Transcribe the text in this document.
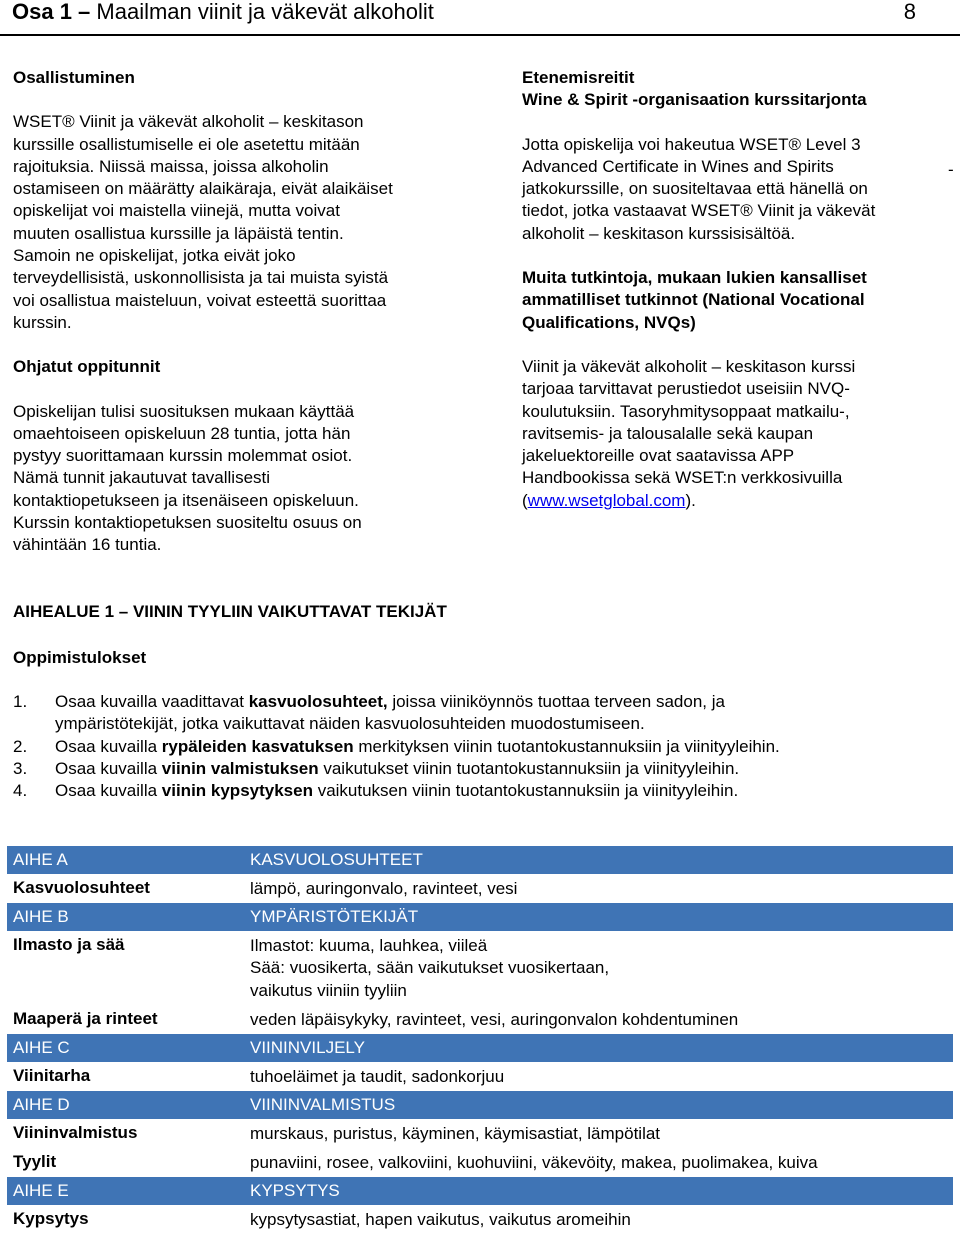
Osa 1 – Maailman viinit ja väkevät alkoholit	8

Osallistuminen

WSET® Viinit ja väkevät alkoholit – keskitason

kurssille osallistumiselle ei ole asetettu mitään

rajoituksia. Niissä maissa, joissa alkoholin

ostamiseen on määrätty alaikäraja, eivät alaikäiset

opiskelijat voi maistella viinejä, mutta voivat

muuten osallistua kurssille ja läpäistä tentin.

Samoin ne opiskelijat, jotka eivät joko

terveydellisistä, uskonnollisista ja tai muista syistä

voi osallistua maisteluun, voivat esteettä suorittaa

kurssin.

Ohjatut oppitunnit

Opiskelijan tulisi suosituksen mukaan käyttää

omaehtoiseen opiskeluun 28 tuntia, jotta hän

pystyy suorittamaan kurssin molemmat osiot.

Nämä tunnit jakautuvat tavallisesti

kontaktiopetukseen ja itsenäiseen opiskeluun.

Kurssin kontaktiopetuksen suositeltu osuus on

vähintään 16 tuntia.

Etenemisreitit

Wine & Spirit -organisaation kurssitarjonta

Jotta opiskelija voi hakeutua WSET® Level 3

Advanced Certificate in Wines and Spirits

jatkokurssille, on suositeltavaa että hänellä on

tiedot, jotka vastaavat WSET® Viinit ja väkevät

alkoholit – keskitason kurssisisältöä.

Muita tutkintoja, mukaan lukien kansalliset

ammatilliset tutkinnot (National Vocational

Qualifications, NVQs)

Viinit ja väkevät alkoholit – keskitason kurssi

tarjoaa tarvittavat perustiedot useisiin NVQ-

koulutuksiin. Tasoryhmitysoppaat matkailu-,

ravitsemis- ja talousalalle sekä kaupan

jakeluektoreille ovat saatavissa APP

Handbookissa sekä WSET:n verkkosivuilla

(www.wsetglobal.com).

-
AIHEALUE 1 – VIININ TYYLIIN VAIKUTTAVAT TEKIJÄT
Oppimistulokset
1. Osaa kuvailla vaadittavat kasvuolosuhteet, joissa viiniköynnös tuottaa terveen sadon, ja
ympäristötekijät, jotka vaikuttavat näiden kasvuolosuhteiden muodostumiseen.
2. Osaa kuvailla rypäleiden kasvatuksen merkityksen viinin tuotantokustannuksiin ja viinityyleihin.
3. Osaa kuvailla viinin valmistuksen vaikutukset viinin tuotantokustannuksiin ja viinityyleihin.
4. Osaa kuvailla viinin kypsytyksen vaikutuksen viinin tuotantokustannuksiin ja viinityyleihin.
AIHE A	KASVUOLOSUHTEET
Kasvuolosuhteet	lämpö, auringonvalo, ravinteet, vesi
AIHE B	YMPÄRISTÖTEKIJÄT
Ilmasto ja sää	Ilmastot: kuuma, lauhkea, viileä
Sää: vuosikerta, sään vaikutukset vuosikertaan,
vaikutus viiniin tyyliin
Maaperä ja rinteet	veden läpäisykyky, ravinteet, vesi, auringonvalon kohdentuminen
AIHE C	VIININVILJELY
Viinitarha	tuhoeläimet ja taudit, sadonkorjuu
AIHE D	VIININVALMISTUS
Viininvalmistus	murskaus, puristus, käyminen, käymisastiat, lämpötilat
Tyylit	punaviini, rosee, valkoviini, kuohuviini, väkevöity, makea, puolimakea, kuiva
AIHE E	KYPSYTYS
Kypsytys	kypsytysastiat, hapen vaikutus, vaikutus aromeihin
